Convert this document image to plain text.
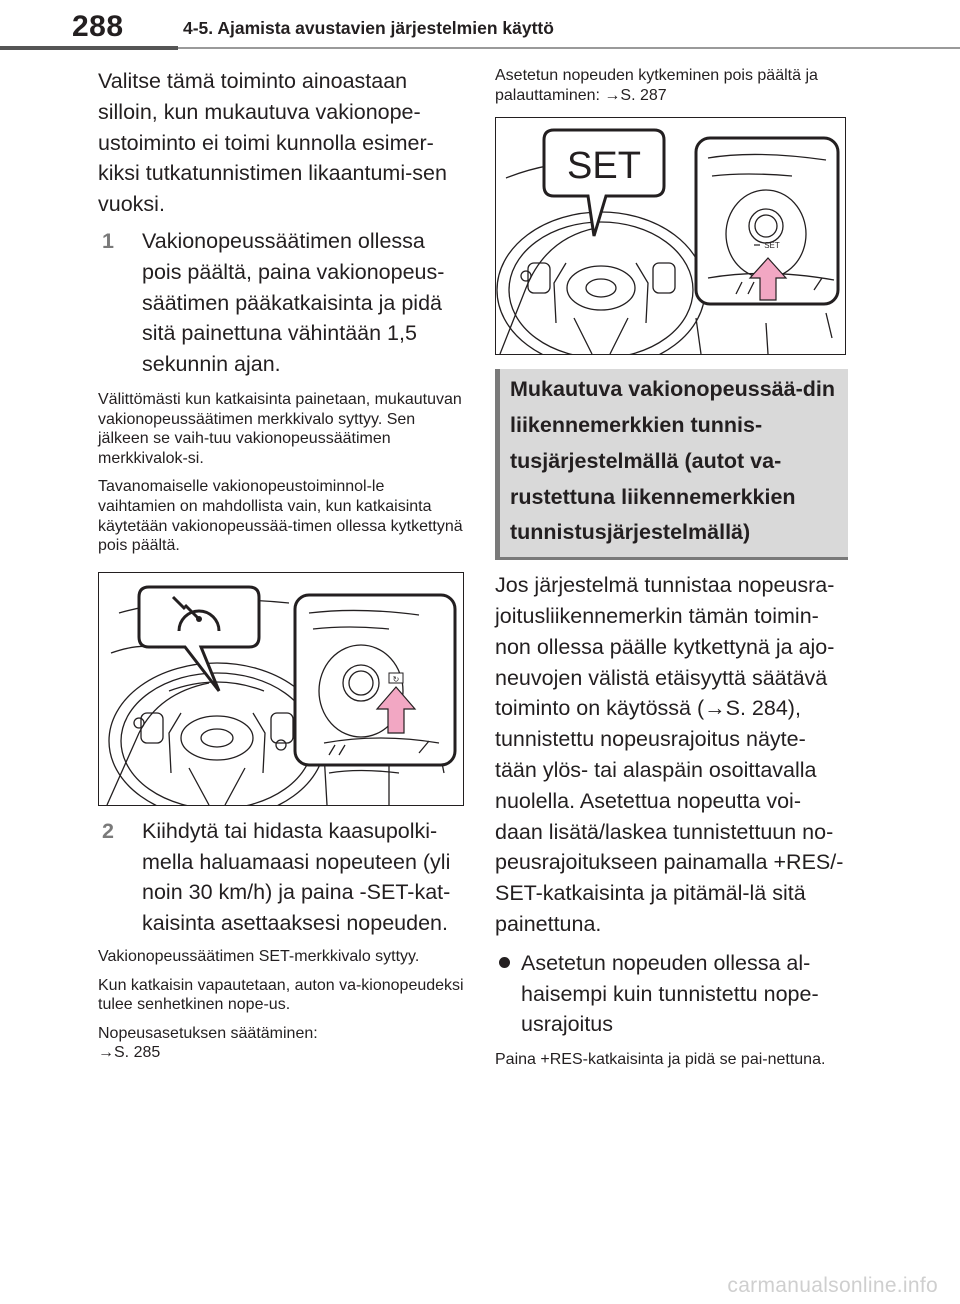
288	4-5. Ajamista avustavien järjestelmien käyttö

Valitse tämä toiminto ainoastaan silloin, kun mukautuva vakionope-ustoiminto ei toimi kunnolla esimer-kiksi tutkatunnistimen likaantumi-sen vuoksi.

1 Vakionopeussäätimen ollessa pois päältä, paina vakionopeus-säätimen pääkatkaisinta ja pidä sitä painettuna vähintään 1,5 sekunnin ajan.

Välittömästi kun katkaisinta painetaan, mukautuvan vakionopeussäätimen merkkivalo syttyy. Sen jälkeen se vaih-tuu vakionopeussäätimen merkkivalok-si.

Tavanomaiselle vakionopeustoiminnol-le vaihtamien on mahdollista vain, kun katkaisinta käytetään vakionopeussää-timen ollessa kytkettynä pois päältä.

↻
2 Kiihdytä tai hidasta kaasupolki-mella haluamaasi nopeuteen (yli noin 30 km/h) ja paina -SET-kat-kaisinta asettaaksesi nopeuden.

Vakionopeussäätimen SET-merkkivalo syttyy.

Kun katkaisin vapautetaan, auton va-kionopeudeksi tulee senhetkinen nope-us.

Nopeusasetuksen säätäminen:

→S. 285

Asetetun nopeuden kytkeminen pois päältä ja palauttaminen: →S. 287

SET
SET

Mukautuva vakionopeussää-din liikennemerkkien tunnis-tusjärjestelmällä (autot va-rustettuna liikennemerkkien tunnistusjärjestelmällä)

Jos järjestelmä tunnistaa nopeusra-joitusliikennemerkin tämän toimin-non ollessa päälle kytkettynä ja ajo-neuvojen välistä etäisyyttä säätävä toiminto on käytössä (→S. 284), tunnistettu nopeusrajoitus näyte-tään ylös- tai alaspäin osoittavalla nuolella. Asetettua nopeutta voi-daan lisätä/laskea tunnistettuun no-peusrajoitukseen painamalla +RES/-SET-katkaisinta ja pitämäl-lä sitä painettuna.

Asetetun nopeuden ollessa al-haisempi kuin tunnistettu nope-usrajoitus

Paina +RES-katkaisinta ja pidä se pai-nettuna.

carmanualsonline.info
